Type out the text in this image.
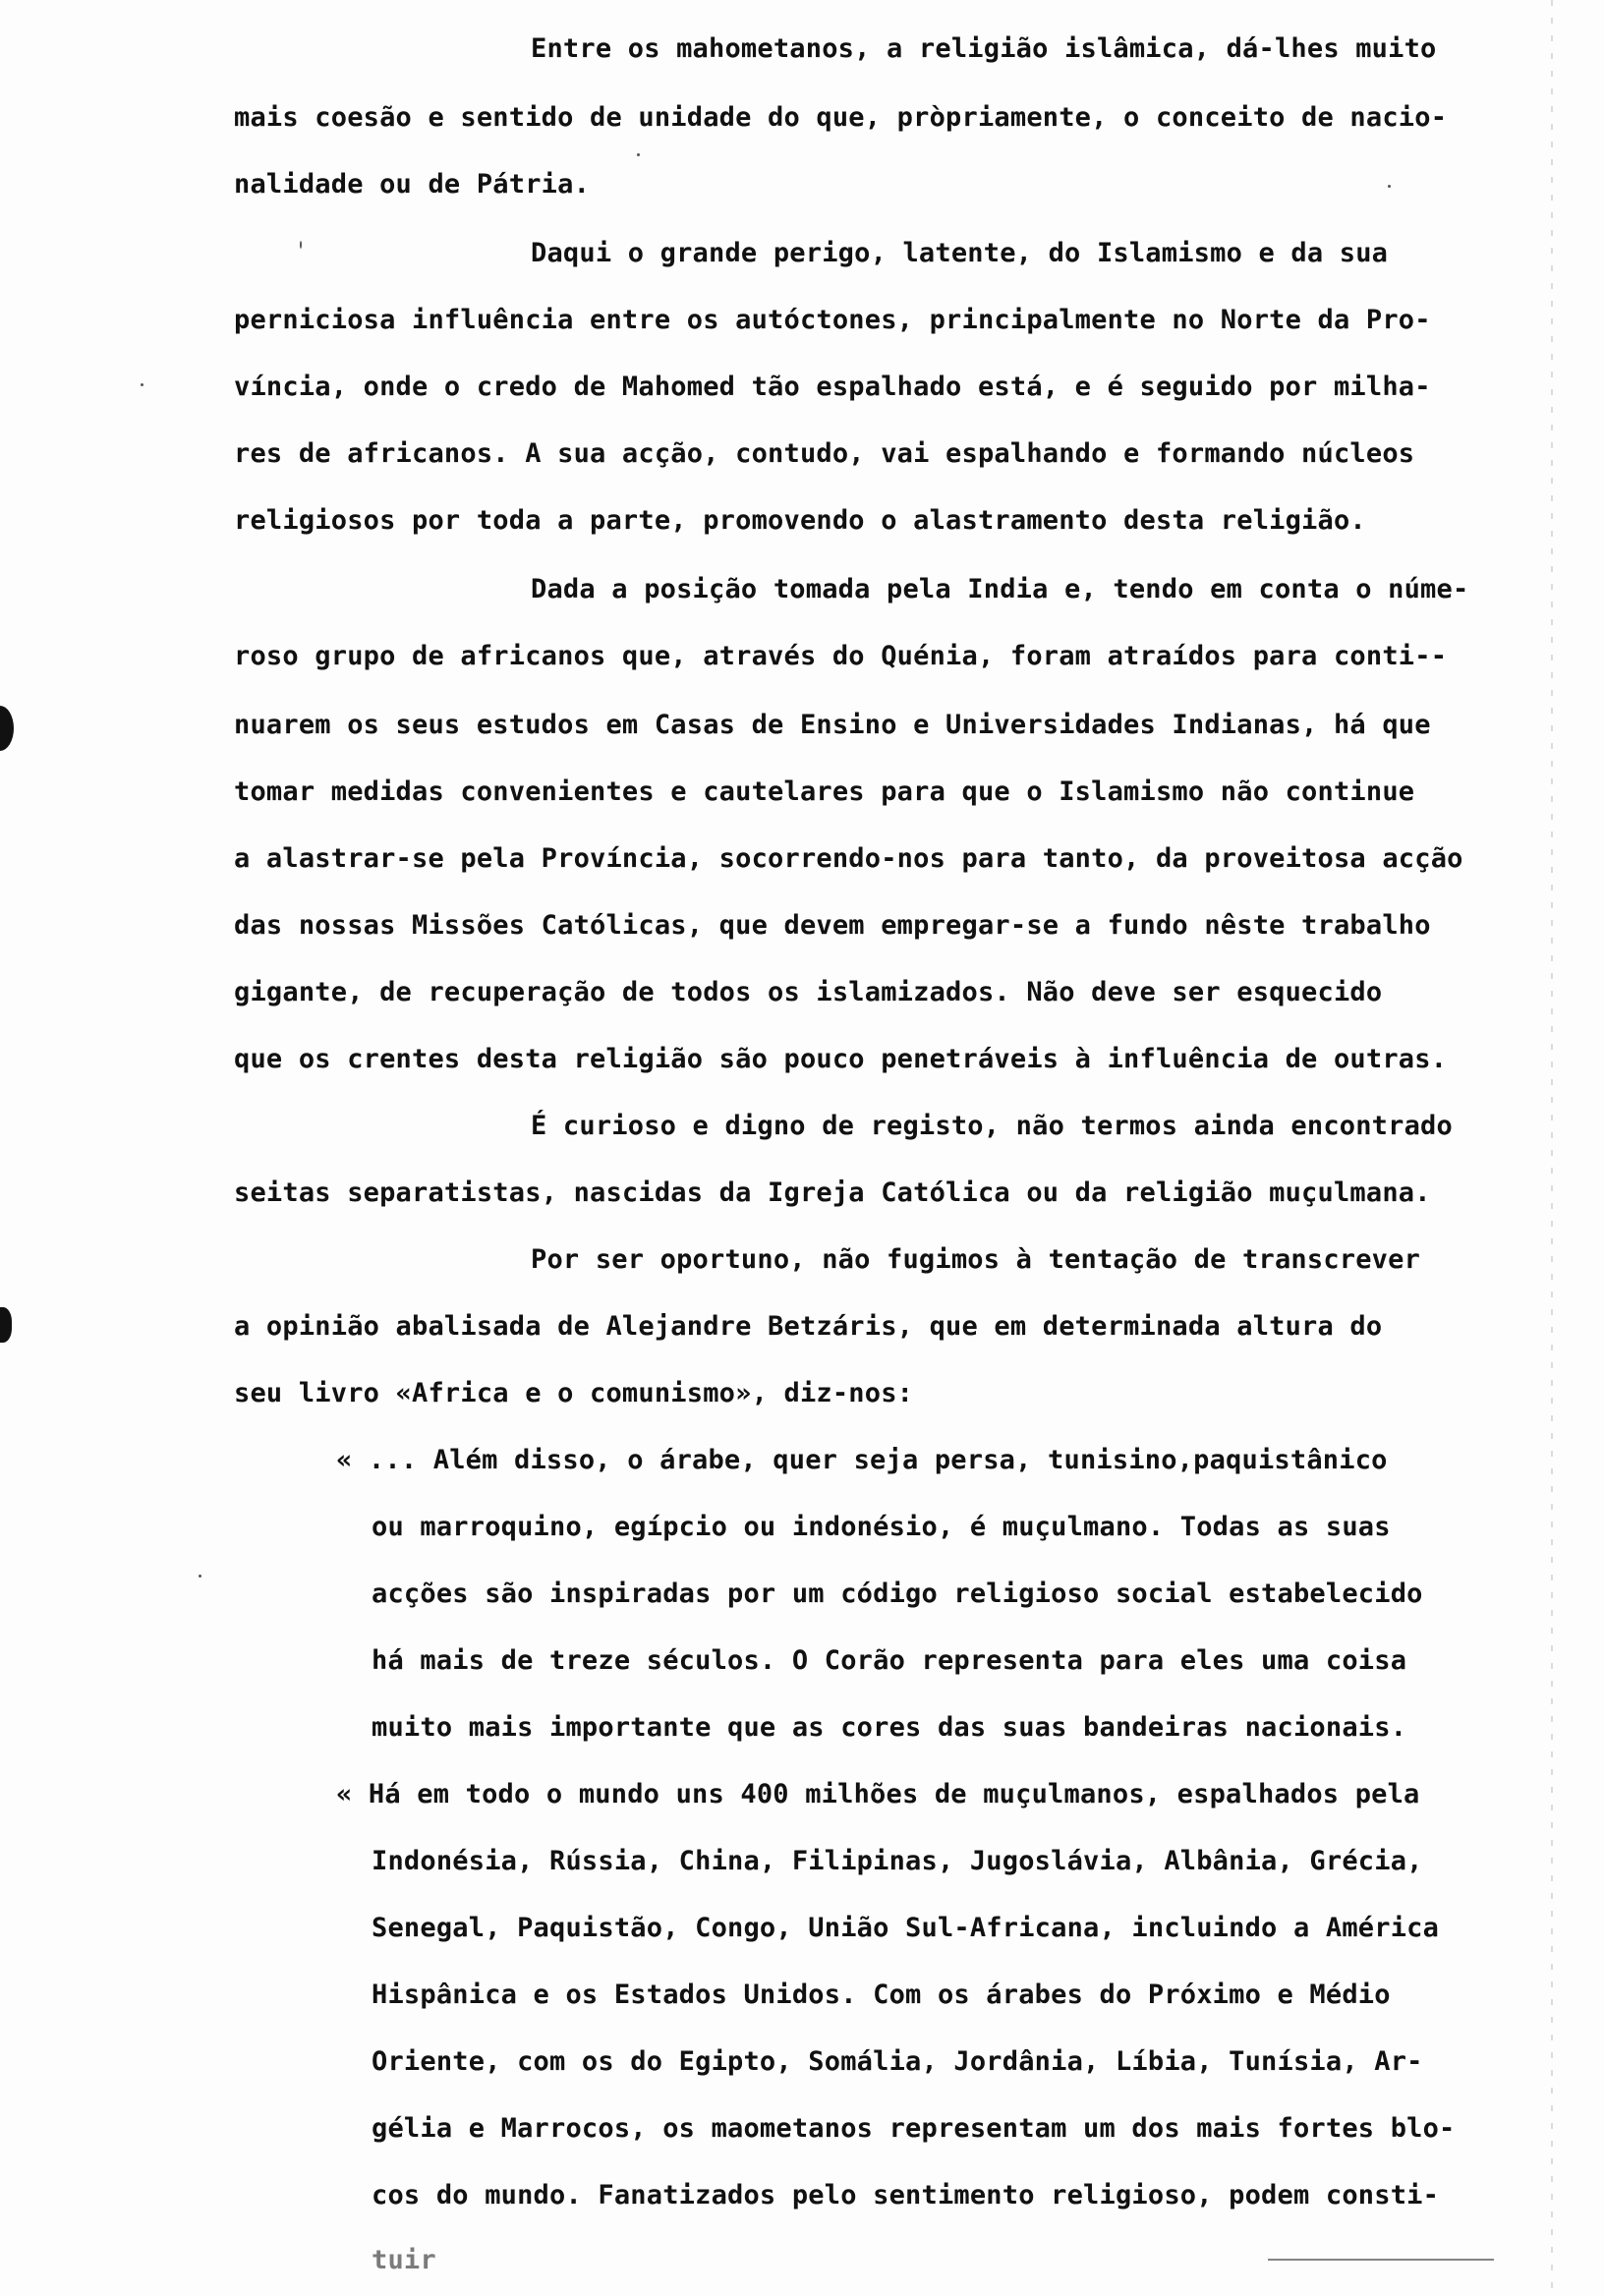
Entre os mahometanos, a religião islâmica, dá-lhes muito
mais coesão e sentido de unidade do que, pròpriamente, o conceito de nacio-
nalidade ou de Pátria.
Daqui o grande perigo, latente, do Islamismo e da sua
perniciosa influência entre os autóctones, principalmente no Norte da Pro-
víncia, onde o credo de Mahomed tão espalhado está, e é seguido por milha-
res de africanos. A sua acção, contudo, vai espalhando e formando núcleos
religiosos por toda a parte, promovendo o alastramento desta religião.
Dada a posição tomada pela India e, tendo em conta o núme-
roso grupo de africanos que, através do Quénia, foram atraídos para conti--
nuarem os seus estudos em Casas de Ensino e Universidades Indianas, há que
tomar medidas convenientes e cautelares para que o Islamismo não continue
a alastrar-se pela Província, socorrendo-nos para tanto, da proveitosa acção
das nossas Missões Católicas, que devem empregar-se a fundo nêste trabalho
gigante, de recuperação de todos os islamizados. Não deve ser esquecido
que os crentes desta religião são pouco penetráveis à influência de outras.
É curioso e digno de registo, não termos ainda encontrado
seitas separatistas, nascidas da Igreja Católica ou da religião muçulmana.
Por ser oportuno, não fugimos à tentação de transcrever
a opinião abalisada de Alejandre Betzáris, que em determinada altura do
seu livro «Africa e o comunismo», diz-nos:
« ... Além disso, o árabe, quer seja persa, tunisino,paquistânico
ou marroquino, egípcio ou indonésio, é muçulmano. Todas as suas
acções são inspiradas por um código religioso social estabelecido
há mais de treze séculos. O Corão representa para eles uma coisa
muito mais importante que as cores das suas bandeiras nacionais.
« Há em todo o mundo uns 400 milhões de muçulmanos, espalhados pela
Indonésia, Rússia, China, Filipinas, Jugoslávia, Albânia, Grécia,
Senegal, Paquistão, Congo, União Sul-Africana, incluindo a América
Hispânica e os Estados Unidos. Com os árabes do Próximo e Médio
Oriente, com os do Egipto, Somália, Jordânia, Líbia, Tunísia, Ar-
gélia e Marrocos, os maometanos representam um dos mais fortes blo-
cos do mundo. Fanatizados pelo sentimento religioso, podem consti-
tuir
